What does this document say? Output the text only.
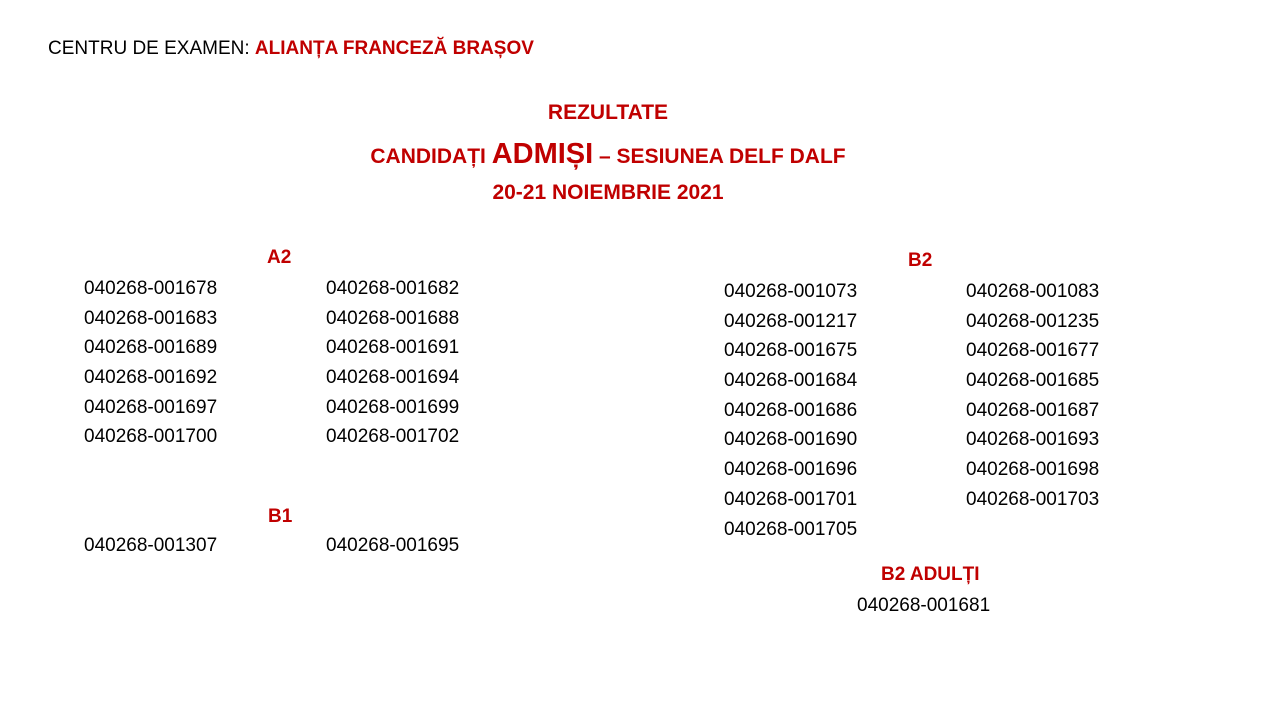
CENTRU DE EXAMEN: ALIANȚA FRANCEZĂ BRAȘOV
REZULTATE
CANDIDAȚI ADMIȘI – SESIUNEA DELF DALF
20-21 NOIEMBRIE 2021
A2
040268-001678
040268-001683
040268-001689
040268-001692
040268-001697
040268-001700
040268-001682
040268-001688
040268-001691
040268-001694
040268-001699
040268-001702
B1
040268-001307	040268-001695
B2
040268-001073
040268-001217
040268-001675
040268-001684
040268-001686
040268-001690
040268-001696
040268-001701
040268-001705
040268-001083
040268-001235
040268-001677
040268-001685
040268-001687
040268-001693
040268-001698
040268-001703
B2 ADULȚI
040268-001681
